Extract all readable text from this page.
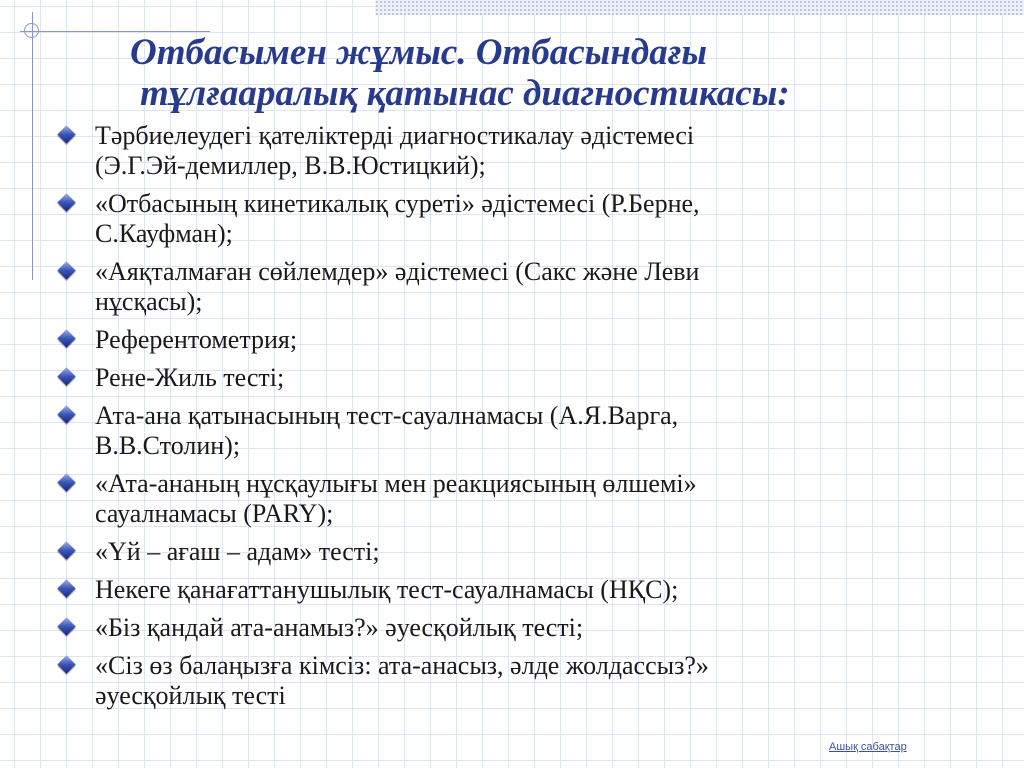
Отбасымен жұмыс. Отбасындағы

тұлғааралық қатынас диагностикасы:
Тәрбиелеудегі қателіктерді диагностикалау әдістемесі
(Э.Г.Эй-демиллер, В.В.Юстицкий);
«Отбасының кинетикалық суреті» әдістемесі (Р.Берне,
С.Кауфман);
«Аяқталмаған сөйлемдер» әдістемесі (Сакс және Леви
нұсқасы);
Референтометрия;
Рене-Жиль тесті;
Ата-ана қатынасының тест-сауалнамасы (А.Я.Варга,
В.В.Столин);
«Ата-ананың нұсқаулығы мен реакциясының өлшемі»
сауалнамасы (PARY);
«Үй – ағаш – адам» тесті;
Некеге қанағаттанушылық тест-сауалнамасы (НҚС);
«Біз қандай ата-анамыз?» әуесқойлық тесті;
«Сіз өз балаңызға кімсіз: ата-анасыз, әлде жолдассыз?»
әуесқойлық тесті
Ашық сабақтар
